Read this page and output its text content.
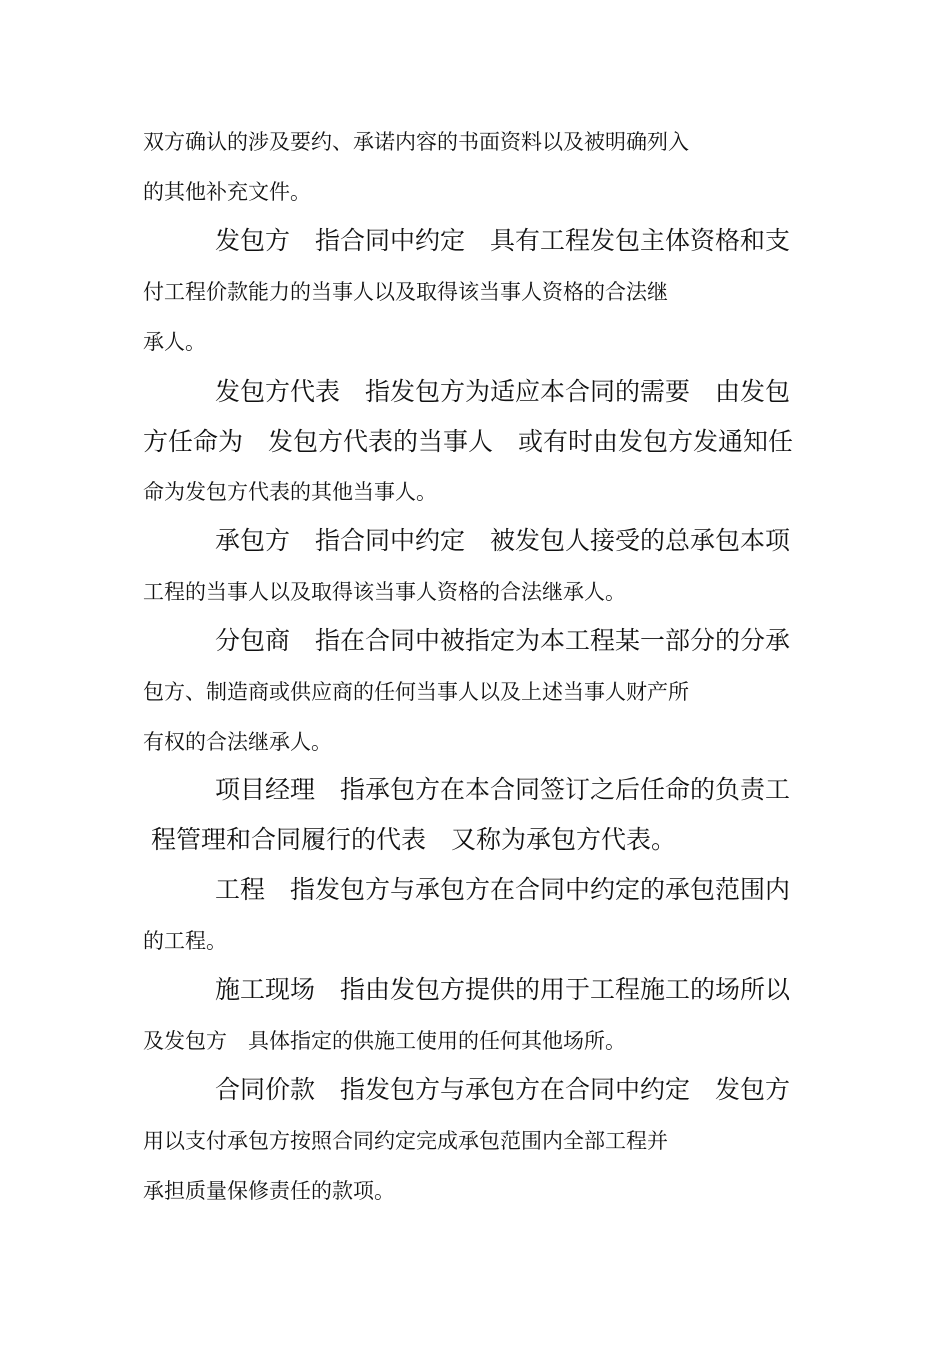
双方确认的涉及要约、承诺内容的书面资料以及被明确列入
的其他补充文件。
发包方　指合同中约定　具有工程发包主体资格和支
付工程价款能力的当事人以及取得该当事人资格的合法继
承人。
发包方代表　指发包方为适应本合同的需要　由发包
方任命为　发包方代表的当事人　或有时由发包方发通知任
命为发包方代表的其他当事人。
承包方　指合同中约定　被发包人接受的总承包本项
工程的当事人以及取得该当事人资格的合法继承人。
分包商　指在合同中被指定为本工程某一部分的分承
包方、制造商或供应商的任何当事人以及上述当事人财产所
有权的合法继承人。
项目经理　指承包方在本合同签订之后任命的负责工
程管理和合同履行的代表　又称为承包方代表。
工程　指发包方与承包方在合同中约定的承包范围内
的工程。
施工现场　指由发包方提供的用于工程施工的场所以
及发包方　具体指定的供施工使用的任何其他场所。
合同价款　指发包方与承包方在合同中约定　发包方
用以支付承包方按照合同约定完成承包范围内全部工程并
承担质量保修责任的款项。
